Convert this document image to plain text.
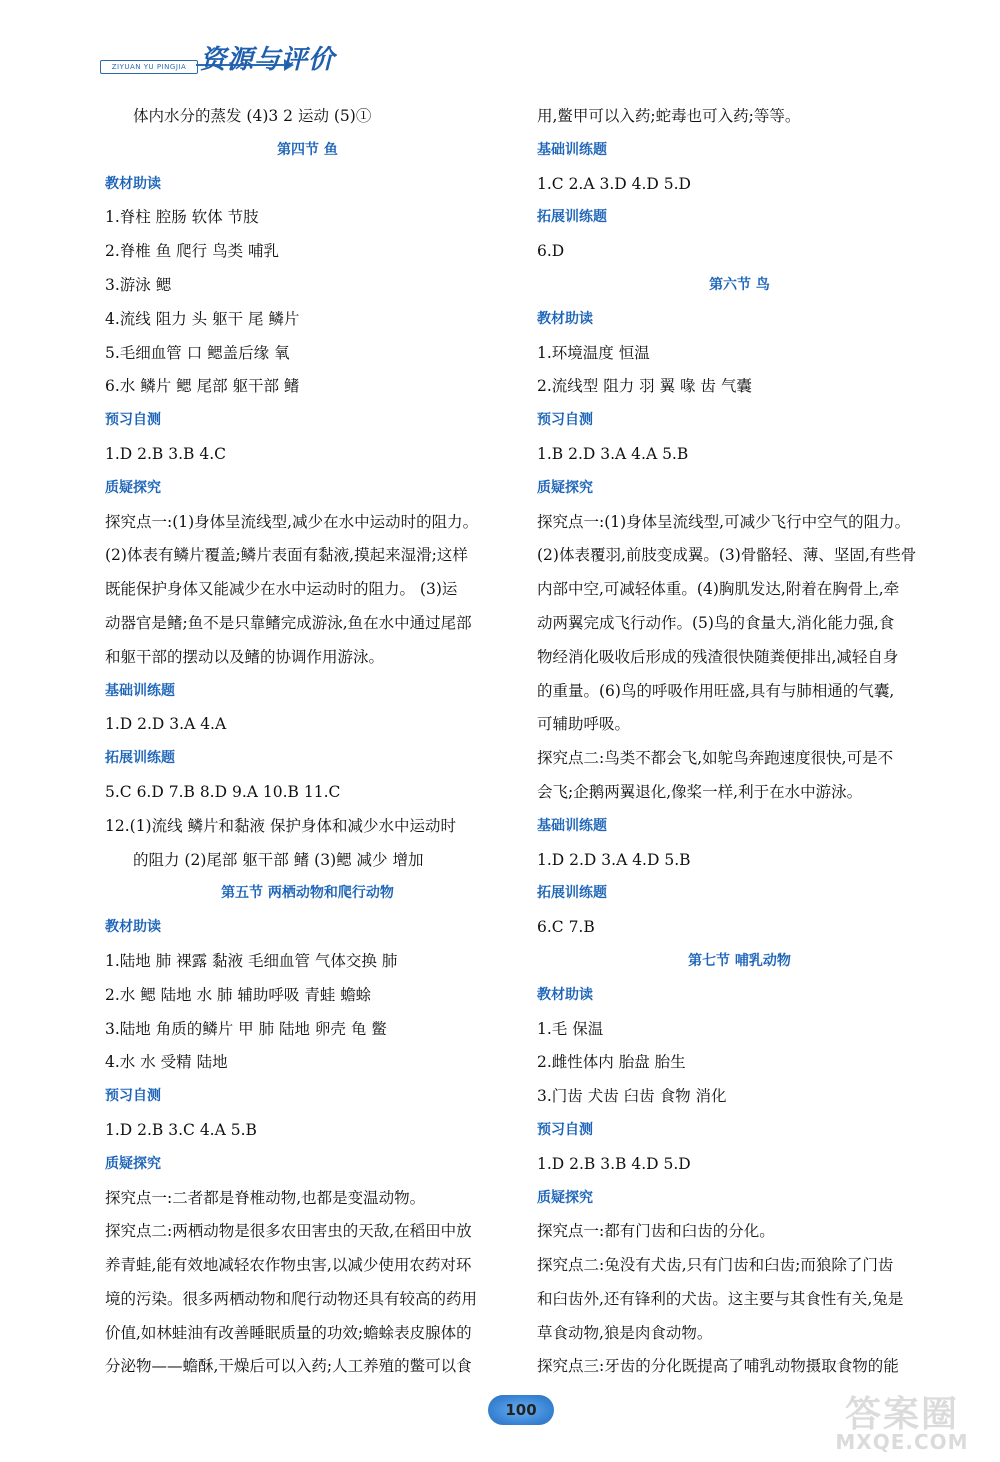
ZIYUAN YU PINGJIA 资源与评价
体内水分的蒸发 (4)3 2 运动 (5)①
第四节 鱼
教材助读
1.脊柱 腔肠 软体 节肢
2.脊椎 鱼 爬行 鸟类 哺乳
3.游泳 鳃
4.流线 阻力 头 躯干 尾 鳞片
5.毛细血管 口 鳃盖后缘 氧
6.水 鳞片 鳃 尾部 躯干部 鳍
预习自测
1.D 2.B 3.B 4.C
质疑探究
探究点一:(1)身体呈流线型,减少在水中运动时的阻力。
(2)体表有鳞片覆盖;鳞片表面有黏液,摸起来湿滑;这样
既能保护身体又能减少在水中运动时的阻力。 (3)运
动器官是鳍;鱼不是只靠鳍完成游泳,鱼在水中通过尾部
和躯干部的摆动以及鳍的协调作用游泳。
基础训练题
1.D 2.D 3.A 4.A
拓展训练题
5.C 6.D 7.B 8.D 9.A 10.B 11.C
12.(1)流线 鳞片和黏液 保护身体和减少水中运动时
的阻力 (2)尾部 躯干部 鳍 (3)鳃 减少 增加
第五节 两栖动物和爬行动物
教材助读
1.陆地 肺 裸露 黏液 毛细血管 气体交换 肺
2.水 鳃 陆地 水 肺 辅助呼吸 青蛙 蟾蜍
3.陆地 角质的鳞片 甲 肺 陆地 卵壳 龟 鳖
4.水 水 受精 陆地
预习自测
1.D 2.B 3.C 4.A 5.B
质疑探究
探究点一:二者都是脊椎动物,也都是变温动物。
探究点二:两栖动物是很多农田害虫的天敌,在稻田中放
养青蛙,能有效地减轻农作物虫害,以减少使用农药对环
境的污染。很多两栖动物和爬行动物还具有较高的药用
价值,如林蛙油有改善睡眠质量的功效;蟾蜍表皮腺体的
分泌物——蟾酥,干燥后可以入药;人工养殖的鳖可以食
用,鳖甲可以入药;蛇毒也可入药;等等。
基础训练题
1.C 2.A 3.D 4.D 5.D
拓展训练题
6.D
第六节 鸟
教材助读
1.环境温度 恒温
2.流线型 阻力 羽 翼 喙 齿 气囊
预习自测
1.B 2.D 3.A 4.A 5.B
质疑探究
探究点一:(1)身体呈流线型,可减少飞行中空气的阻力。
(2)体表覆羽,前肢变成翼。(3)骨骼轻、薄、坚固,有些骨
内部中空,可减轻体重。(4)胸肌发达,附着在胸骨上,牵
动两翼完成飞行动作。(5)鸟的食量大,消化能力强,食
物经消化吸收后形成的残渣很快随粪便排出,减轻自身
的重量。(6)鸟的呼吸作用旺盛,具有与肺相通的气囊,
可辅助呼吸。
探究点二:鸟类不都会飞,如鸵鸟奔跑速度很快,可是不
会飞;企鹅两翼退化,像桨一样,利于在水中游泳。
基础训练题
1.D 2.D 3.A 4.D 5.B
拓展训练题
6.C 7.B
第七节 哺乳动物
教材助读
1.毛 保温
2.雌性体内 胎盘 胎生
3.门齿 犬齿 臼齿 食物 消化
预习自测
1.D 2.B 3.B 4.D 5.D
质疑探究
探究点一:都有门齿和臼齿的分化。
探究点二:兔没有犬齿,只有门齿和臼齿;而狼除了门齿
和臼齿外,还有锋利的犬齿。这主要与其食性有关,兔是
草食动物,狼是肉食动物。
探究点三:牙齿的分化既提高了哺乳动物摄取食物的能
100	答案圈
MXQE.COM
